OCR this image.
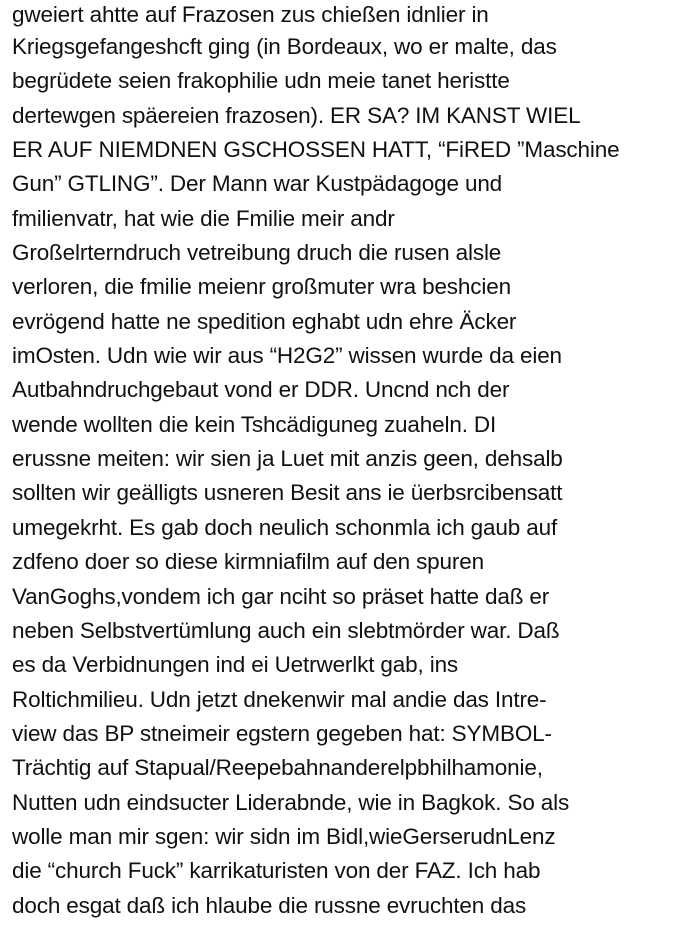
gweiert ahtte auf Frazosen zus chießen idnlier in
Kriegsgefangeshcft ging (in Bordeaux, wo er malte, das
begrüdete seien frakophilie udn meie tanet heristte
dertewgen späereien frazosen). ER SA? IM KANST WIEL
ER AUF NIEMDNEN GSCHOSSEN HATT, “FiRED ”Maschine
Gun” GTLING”. Der Mann war Kustpädagoge und
fmilienvatr, hat wie die Fmilie meir andr
Großelrterndruch vetreibung druch die rusen alsle
verloren, die fmilie meienr großmuter wra beshcien
evrögend hatte ne spedition eghabt udn ehre Äcker
imOsten. Udn wie wir aus “H2G2” wissen wurde da eien
Autbahndruchgebaut vond er DDR. Uncnd nch der
wende wollten die kein Tshcädiguneg zuaheln. DI
erussne meiten: wir sien ja Luet mit anzis geen, dehsalb
sollten wir geälligts usneren Besit ans ie üerbsrcibensatt
umegekrht. Es gab doch neulich schonmla ich gaub auf
zdfeno doer so diese kirmniafilm auf den spuren
VanGoghs,vondem ich gar nciht so präset hatte daß er
neben Selbstvertümlung auch ein slebtmörder war. Daß
es da Verbidnungen ind ei Uetrwerlkt gab, ins
Roltichmilieu. Udn jetzt dnekenwir mal andie das Intre-
view das BP stneimeir egstern gegeben hat: SYMBOL-
Trächtig auf Stapual/Reepebahnanderelpbhilhamonie,
Nutten udn eindsucter Liderabnde, wie in Bagkok. So als
wolle man mir sgen: wir sidn im Bidl,wieGerserudnLenz
die “church Fuck” karrikaturisten von der FAZ. Ich hab
doch esgat daß ich hlaube die russne evruchten das
